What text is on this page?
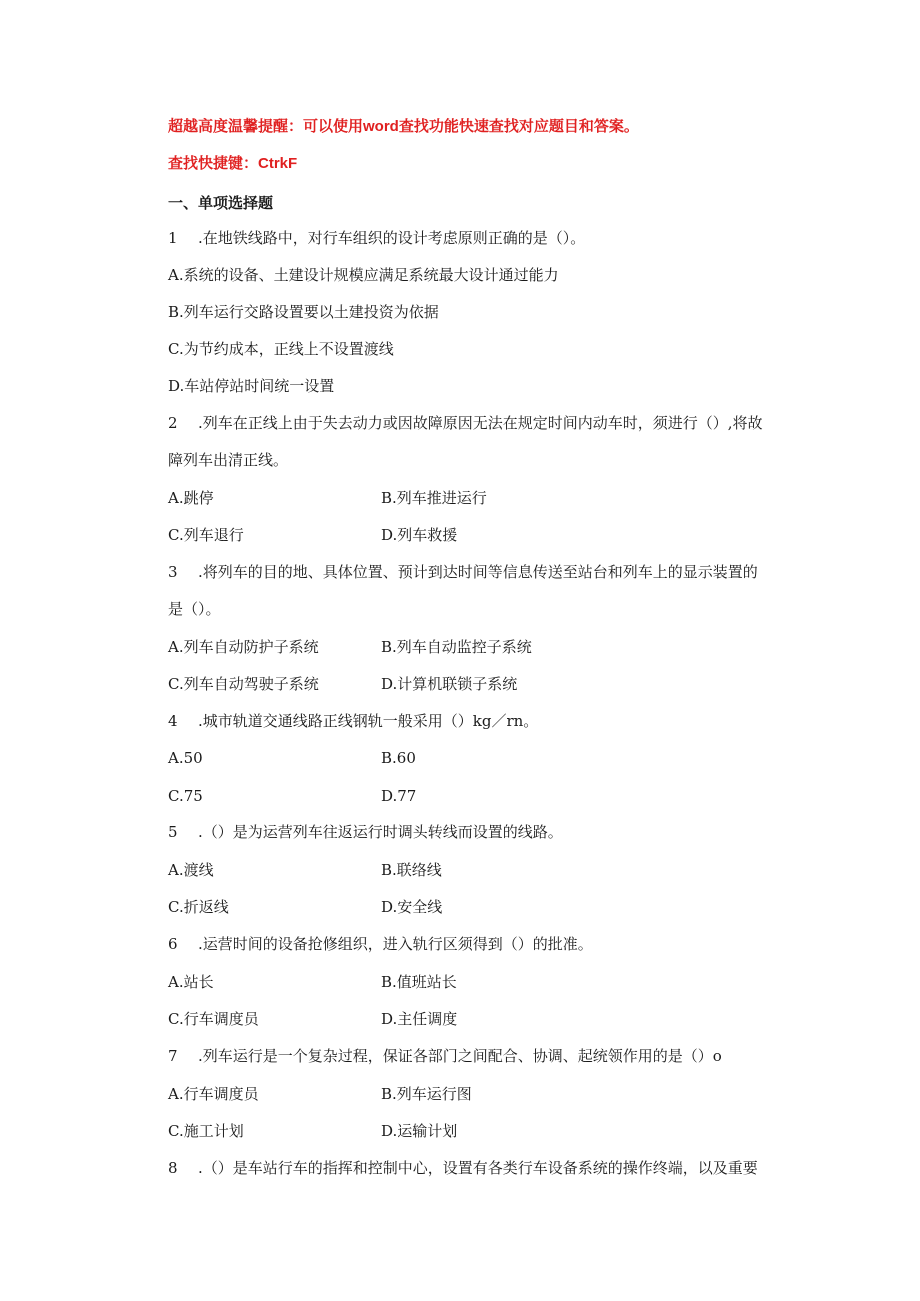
超越高度温馨提醒：可以使用word查找功能快速查找对应题目和答案。
查找快捷键：CtrkF
一、单项选择题
1 .在地铁线路中，对行车组织的设计考虑原则正确的是（）。
A.系统的设备、土建设计规模应满足系统最大设计通过能力
B.列车运行交路设置要以土建投资为依据
C.为节约成本，正线上不设置渡线
D.车站停站时间统一设置
2 .列车在正线上由于失去动力或因故障原因无法在规定时间内动车时，须进行（）,将故
障列车出清正线。
A.跳停	B.列车推进运行
C.列车退行	D.列车救援
3 .将列车的目的地、具体位置、预计到达时间等信息传送至站台和列车上的显示装置的
是（）。
A.列车自动防护子系统	B.列车自动监控子系统
C.列车自动驾驶子系统	D.计算机联锁子系统
4 .城市轨道交通线路正线钢轨一般采用（）kg／rn。
A.50	B.60
C.75	D.77
5 .（）是为运营列车往返运行时调头转线而设置的线路。
A.渡线	B.联络线
C.折返线	D.安全线
6 .运营时间的设备抢修组织，进入轨行区须得到（）的批准。
A.站长	B.值班站长
C.行车调度员	D.主任调度
7 .列车运行是一个复杂过程，保证各部门之间配合、协调、起统领作用的是（）o
A.行车调度员	B.列车运行图
C.施工计划	D.运输计划
8 .（）是车站行车的指挥和控制中心，设置有各类行车设备系统的操作终端，以及重要
